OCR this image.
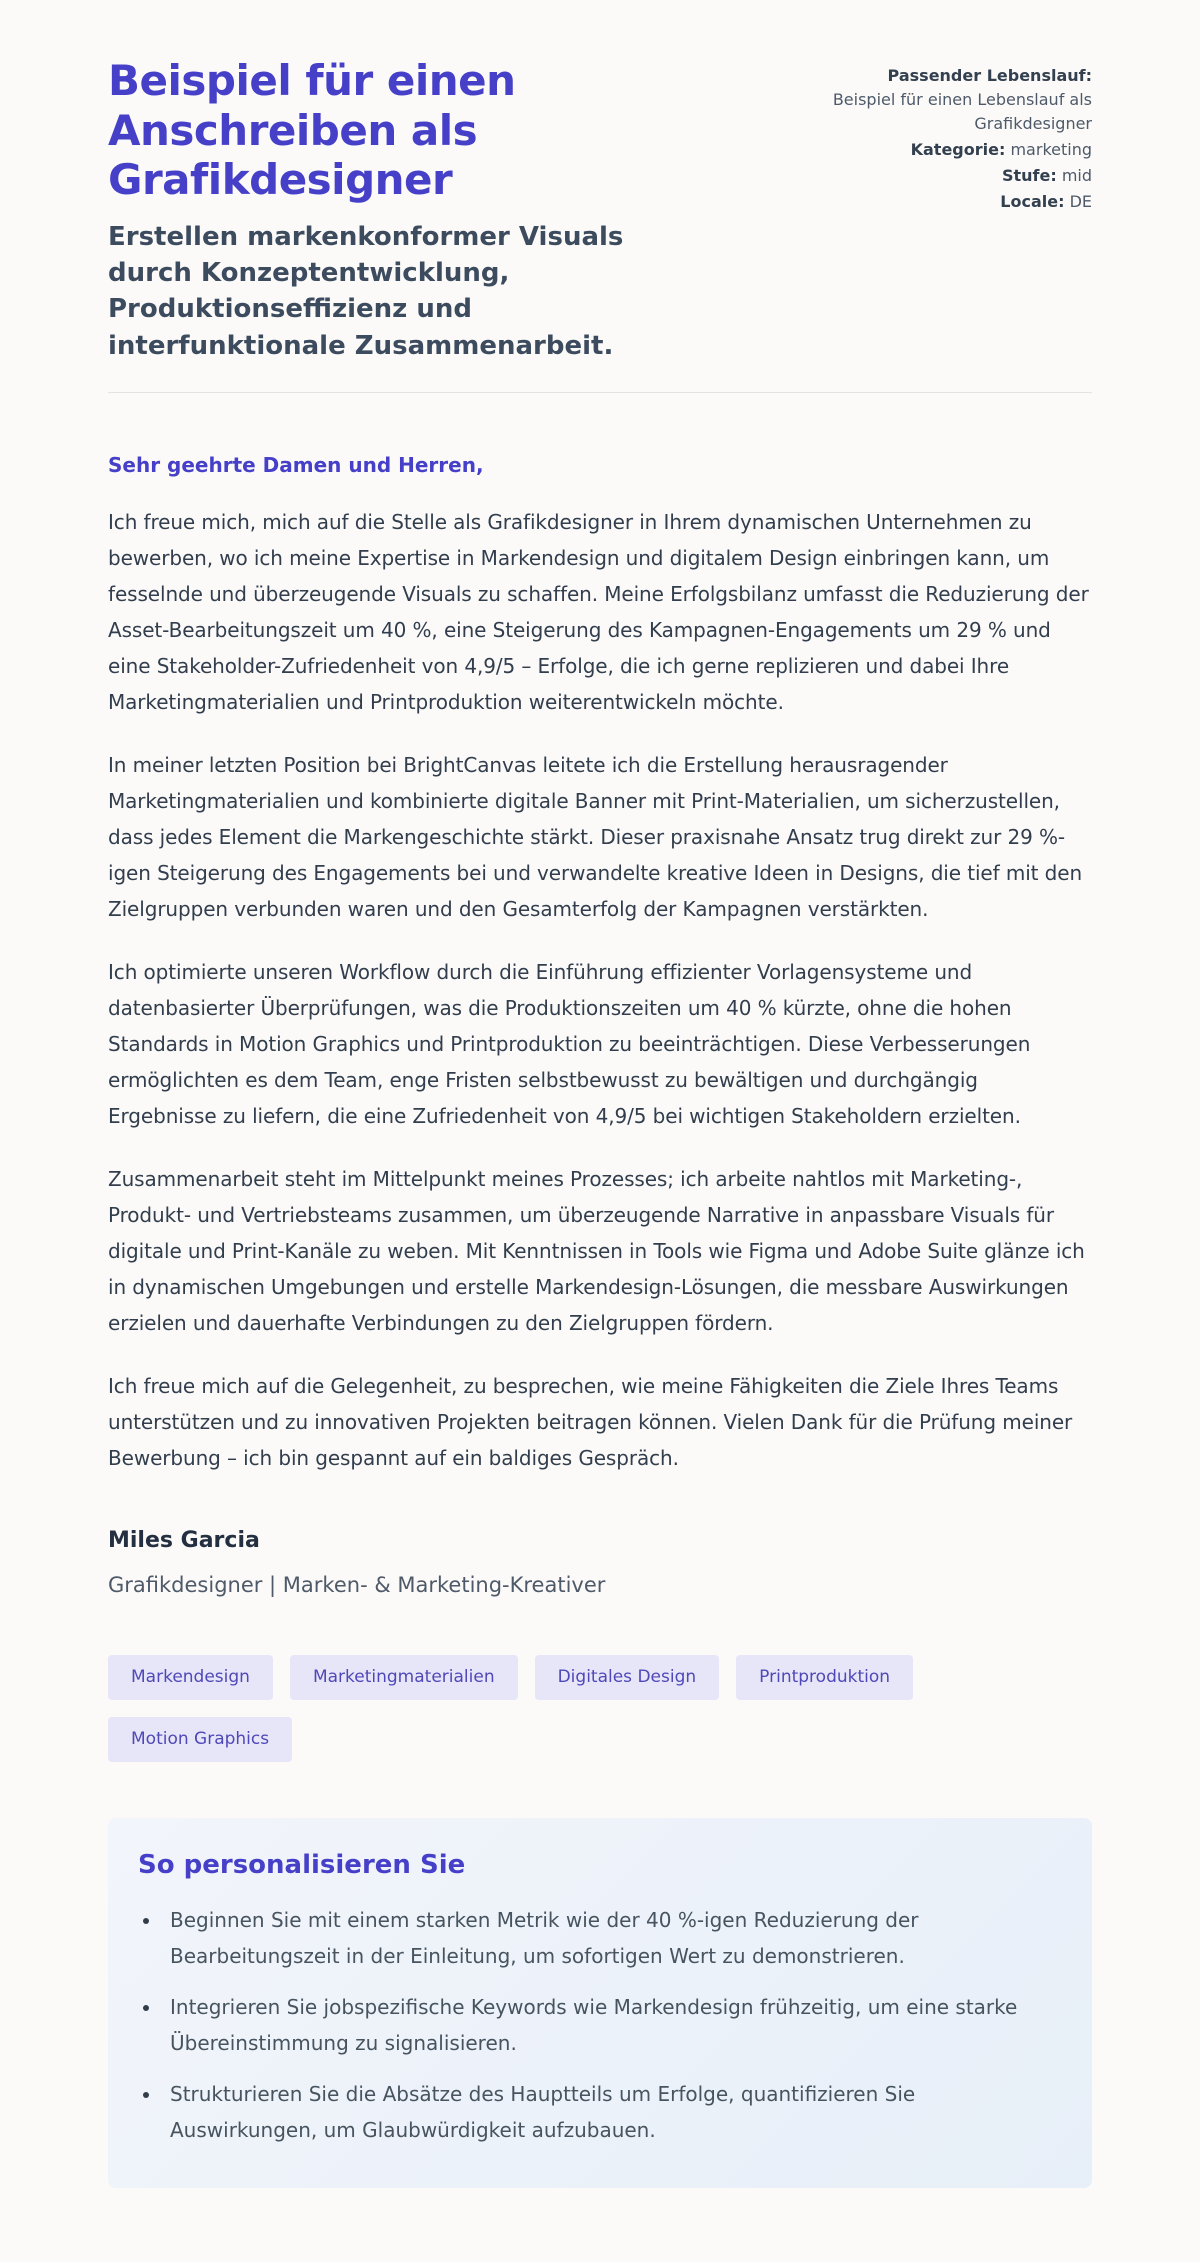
Beispiel für einen Anschreiben als Grafikdesigner

Erstellen markenkonformer Visuals durch Konzeptentwicklung, Produktionseffizienz und interfunktionale Zusammenarbeit.

Passender Lebenslauf:
Beispiel für einen Lebenslauf als Grafikdesigner
Kategorie: marketing
Stufe: mid
Locale: DE

Sehr geehrte Damen und Herren,

Ich freue mich, mich auf die Stelle als Grafikdesigner in Ihrem dynamischen Unternehmen zu bewerben, wo ich meine Expertise in Markendesign und digitalem Design einbringen kann, um fesselnde und überzeugende Visuals zu schaffen. Meine Erfolgsbilanz umfasst die Reduzierung der Asset-Bearbeitungszeit um 40 %, eine Steigerung des Kampagnen-Engagements um 29 % und eine Stakeholder-Zufriedenheit von 4,9/5 – Erfolge, die ich gerne replizieren und dabei Ihre Marketingmaterialien und Printproduktion weiterentwickeln möchte.

In meiner letzten Position bei BrightCanvas leitete ich die Erstellung herausragender Marketingmaterialien und kombinierte digitale Banner mit Print-Materialien, um sicherzustellen, dass jedes Element die Markengeschichte stärkt. Dieser praxisnahe Ansatz trug direkt zur 29 %-igen Steigerung des Engagements bei und verwandelte kreative Ideen in Designs, die tief mit den Zielgruppen verbunden waren und den Gesamterfolg der Kampagnen verstärkten.

Ich optimierte unseren Workflow durch die Einführung effizienter Vorlagensysteme und datenbasierter Überprüfungen, was die Produktionszeiten um 40 % kürzte, ohne die hohen Standards in Motion Graphics und Printproduktion zu beeinträchtigen. Diese Verbesserungen ermöglichten es dem Team, enge Fristen selbstbewusst zu bewältigen und durchgängig Ergebnisse zu liefern, die eine Zufriedenheit von 4,9/5 bei wichtigen Stakeholdern erzielten.

Zusammenarbeit steht im Mittelpunkt meines Prozesses; ich arbeite nahtlos mit Marketing-, Produkt- und Vertriebsteams zusammen, um überzeugende Narrative in anpassbare Visuals für digitale und Print-Kanäle zu weben. Mit Kenntnissen in Tools wie Figma und Adobe Suite glänze ich in dynamischen Umgebungen und erstelle Markendesign-Lösungen, die messbare Auswirkungen erzielen und dauerhafte Verbindungen zu den Zielgruppen fördern.

Ich freue mich auf die Gelegenheit, zu besprechen, wie meine Fähigkeiten die Ziele Ihres Teams unterstützen und zu innovativen Projekten beitragen können. Vielen Dank für die Prüfung meiner Bewerbung – ich bin gespannt auf ein baldiges Gespräch.

Miles Garcia

Grafikdesigner | Marken- & Marketing-Kreativer

Markendesign	Marketingmaterialien	Digitales Design	Printproduktion
Motion Graphics
So personalisieren Sie
• Beginnen Sie mit einem starken Metrik wie der 40 %-igen Reduzierung der Bearbeitungszeit in der Einleitung, um sofortigen Wert zu demonstrieren.
• Integrieren Sie jobspezifische Keywords wie Markendesign frühzeitig, um eine starke Übereinstimmung zu signalisieren.
• Strukturieren Sie die Absätze des Hauptteils um Erfolge, quantifizieren Sie Auswirkungen, um Glaubwürdigkeit aufzubauen.
